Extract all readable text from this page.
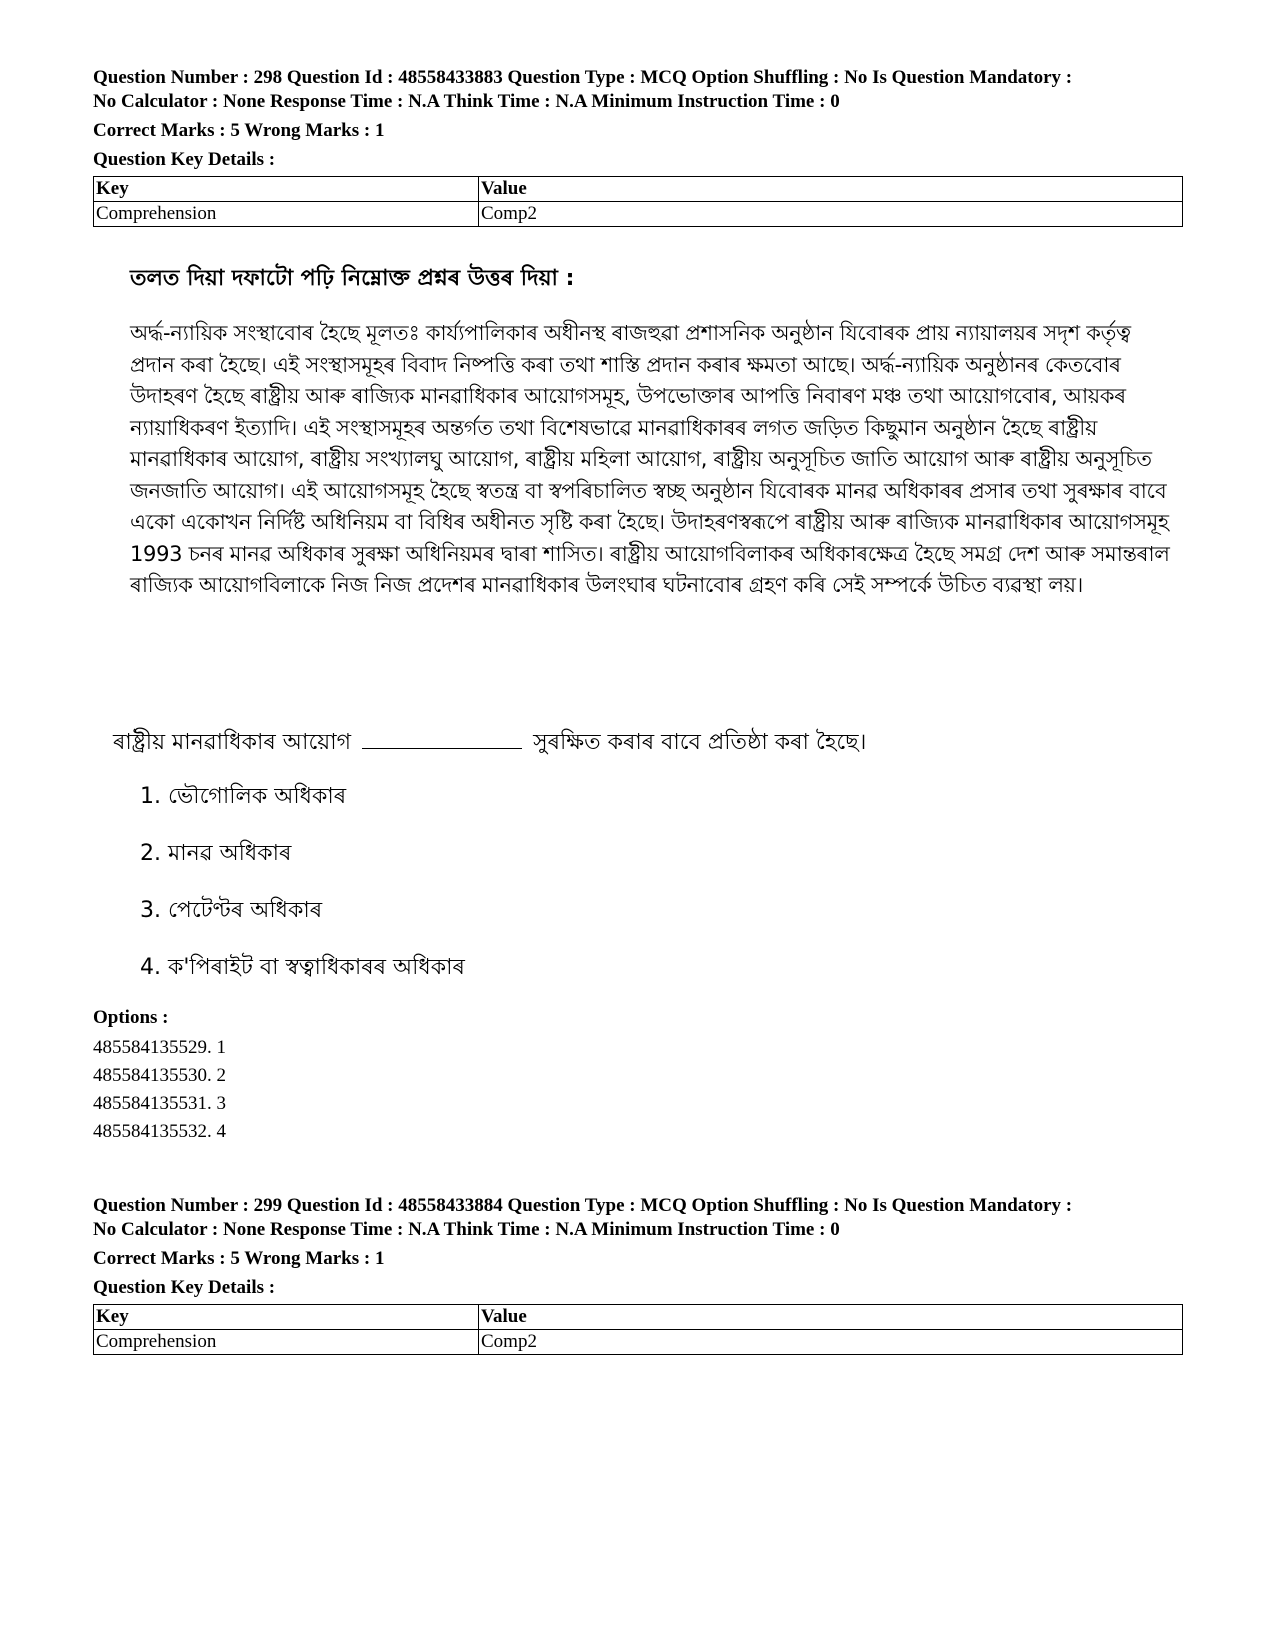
Question Number : 298 Question Id : 48558433883 Question Type : MCQ Option Shuffling : No Is Question Mandatory :

No Calculator : None Response Time : N.A Think Time : N.A Minimum Instruction Time : 0

Correct Marks : 5 Wrong Marks : 1
Question Key Details :
Key	Value
Comprehension	Comp2

তলত দিয়া দফাটো পঢ়ি নিম্নোক্ত প্ৰশ্নৰ উত্তৰ দিয়া :

অৰ্দ্ধ-ন্যায়িক সংস্থাবোৰ হৈছে মূলতঃ কাৰ্য্যপালিকাৰ অধীনস্থ ৰাজহুৱা প্ৰশাসনিক অনুষ্ঠান যিবোৰক প্ৰায় ন্যায়ালয়ৰ সদৃশ কৰ্তৃত্ব প্ৰদান কৰা হৈছে। এই সংস্থাসমূহৰ বিবাদ নিষ্পত্তি কৰা তথা শাস্তি প্ৰদান কৰাৰ ক্ষমতা আছে। অৰ্দ্ধ-ন্যায়িক অনুষ্ঠানৰ কেতবোৰ উদাহৰণ হৈছে ৰাষ্ট্ৰীয় আৰু ৰাজ্যিক মানৱাধিকাৰ আয়োগসমূহ, উপভোক্তাৰ আপত্তি নিবাৰণ মঞ্চ তথা আয়োগবোৰ, আয়কৰ ন্যায়াধিকৰণ ইত্যাদি। এই সংস্থাসমূহৰ অন্তৰ্গত তথা বিশেষভাৱে মানৱাধিকাৰৰ লগত জড়িত কিছুমান অনুষ্ঠান হৈছে ৰাষ্ট্ৰীয় মানৱাধিকাৰ আয়োগ, ৰাষ্ট্ৰীয় সংখ্যালঘু আয়োগ, ৰাষ্ট্ৰীয় মহিলা আয়োগ, ৰাষ্ট্ৰীয় অনুসূচিত জাতি আয়োগ আৰু ৰাষ্ট্ৰীয় অনুসূচিত জনজাতি আয়োগ। এই আয়োগসমূহ হৈছে স্বতন্ত্ৰ বা স্বপৰিচালিত স্বচ্ছ অনুষ্ঠান যিবোৰক মানৱ অধিকাৰৰ প্ৰসাৰ তথা সুৰক্ষাৰ বাবে একো একোখন নিৰ্দিষ্ট অধিনিয়ম বা বিধিৰ অধীনত সৃষ্টি কৰা হৈছে। উদাহৰণস্বৰূপে ৰাষ্ট্ৰীয় আৰু ৰাজ্যিক মানৱাধিকাৰ আয়োগসমূহ 1993 চনৰ মানৱ অধিকাৰ সুৰক্ষা অধিনিয়মৰ দ্বাৰা শাসিত। ৰাষ্ট্ৰীয় আয়োগবিলাকৰ অধিকাৰক্ষেত্ৰ হৈছে সমগ্ৰ দেশ আৰু সমান্তৰাল ৰাজ্যিক আয়োগবিলাকে নিজ নিজ প্ৰদেশৰ মানৱাধিকাৰ উলংঘাৰ ঘটনাবোৰ গ্ৰহণ কৰি সেই সম্পৰ্কে উচিত ব্যৱস্থা লয়।

ৰাষ্ট্ৰীয় মানৱাধিকাৰ আয়োগ	সুৰক্ষিত কৰাৰ বাবে প্ৰতিষ্ঠা কৰা হৈছে।
1. ভৌগোলিক অধিকাৰ
2. মানৱ অধিকাৰ
3. পেটেণ্টৰ অধিকাৰ
4. ক'পিৰাইট বা স্বত্বাধিকাৰৰ অধিকাৰ

Options :

485584135529. 1

485584135530. 2

485584135531. 3

485584135532. 4

Question Number : 299 Question Id : 48558433884 Question Type : MCQ Option Shuffling : No Is Question Mandatory :

No Calculator : None Response Time : N.A Think Time : N.A Minimum Instruction Time : 0

Correct Marks : 5 Wrong Marks : 1
Question Key Details :
Key	Value
Comprehension	Comp2
